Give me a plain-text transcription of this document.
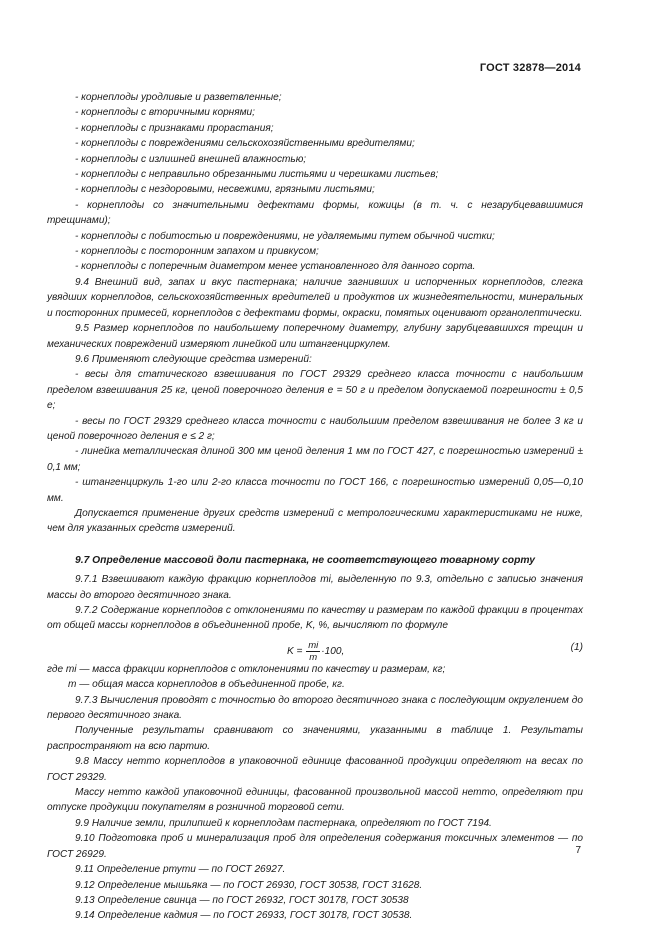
ГОСТ 32878—2014

- корнеплоды уродливые и разветвленные;

- корнеплоды с вторичными корнями;

- корнеплоды с признаками прорастания;

- корнеплоды с повреждениями сельскохозяйственными вредителями;

- корнеплоды с излишней внешней влажностью;

- корнеплоды с неправильно обрезанными листьями и черешками листьев;

- корнеплоды с нездоровыми, несвежими, грязными листьями;

- корнеплоды со значительными дефектами формы, кожицы (в т. ч. с незарубцевавшимися трещинами);

- корнеплоды с побитостью и повреждениями, не удаляемыми путем обычной чистки;

- корнеплоды с посторонним запахом и привкусом;

- корнеплоды с поперечным диаметром менее установленного для данного сорта.

9.4 Внешний вид, запах и вкус пастернака; наличие загнивших и испорченных корнеплодов, слегка увядших корнеплодов, сельскохозяйственных вредителей и продуктов их жизнедеятельности, минеральных и посторонних примесей, корнеплодов с дефектами формы, окраски, помятых оценивают органолептически.

9.5 Размер корнеплодов по наибольшему поперечному диаметру, глубину зарубцевавшихся трещин и механических повреждений измеряют линейкой или штангенциркулем.

9.6 Применяют следующие средства измерений:

- весы для статического взвешивания по ГОСТ 29329 среднего класса точности с наибольшим пределом взвешивания 25 кг, ценой поверочного деления е = 50 г и пределом допускаемой погрешности ± 0,5 е;

- весы по ГОСТ 29329 среднего класса точности с наибольшим пределом взвешивания не более 3 кг и ценой поверочного деления е ≤ 2 г;

- линейка металлическая длиной 300 мм ценой деления 1 мм по ГОСТ 427, с погрешностью измерений ± 0,1 мм;

- штангенциркуль 1-го или 2-го класса точности по ГОСТ 166, с погрешностью измерений 0,05—0,10 мм.

Допускается применение других средств измерений с метрологическими характеристиками не ниже, чем для указанных средств измерений.

9.7 Определение массовой доли пастернака, не соответствующего товарному сорту

9.7.1 Взвешивают каждую фракцию корнеплодов mi, выделенную по 9.3, отдельно с записью значения массы до второго десятичного знака.

9.7.2 Содержание корнеплодов с отклонениями по качеству и размерам по каждой фракции в процентах от общей массы корнеплодов в объединенной пробе, K, %, вычисляют по формуле

$K = \frac{mi}{m} \cdot 100$,	(1)

где mi — масса фракции корнеплодов с отклонениями по качеству и размерам, кг;

m — общая масса корнеплодов в объединенной пробе, кг.

9.7.3 Вычисления проводят с точностью до второго десятичного знака с последующим округлением до первого десятичного знака.

Полученные результаты сравнивают со значениями, указанными в таблице 1. Результаты распространяют на всю партию.

9.8 Массу нетто корнеплодов в упаковочной единице фасованной продукции определяют на весах по ГОСТ 29329.

Массу нетто каждой упаковочной единицы, фасованной произвольной массой нетто, определяют при отпуске продукции покупателям в розничной торговой сети.

9.9 Наличие земли, прилипшей к корнеплодам пастернака, определяют по ГОСТ 7194.

9.10 Подготовка проб и минерализация проб для определения содержания токсичных элементов — по ГОСТ 26929.

9.11 Определение ртути — по ГОСТ 26927.

9.12 Определение мышьяка — по ГОСТ 26930, ГОСТ 30538, ГОСТ 31628.

9.13 Определение свинца — по ГОСТ 26932, ГОСТ 30178, ГОСТ 30538

9.14 Определение кадмия — по ГОСТ 26933, ГОСТ 30178, ГОСТ 30538.

7
